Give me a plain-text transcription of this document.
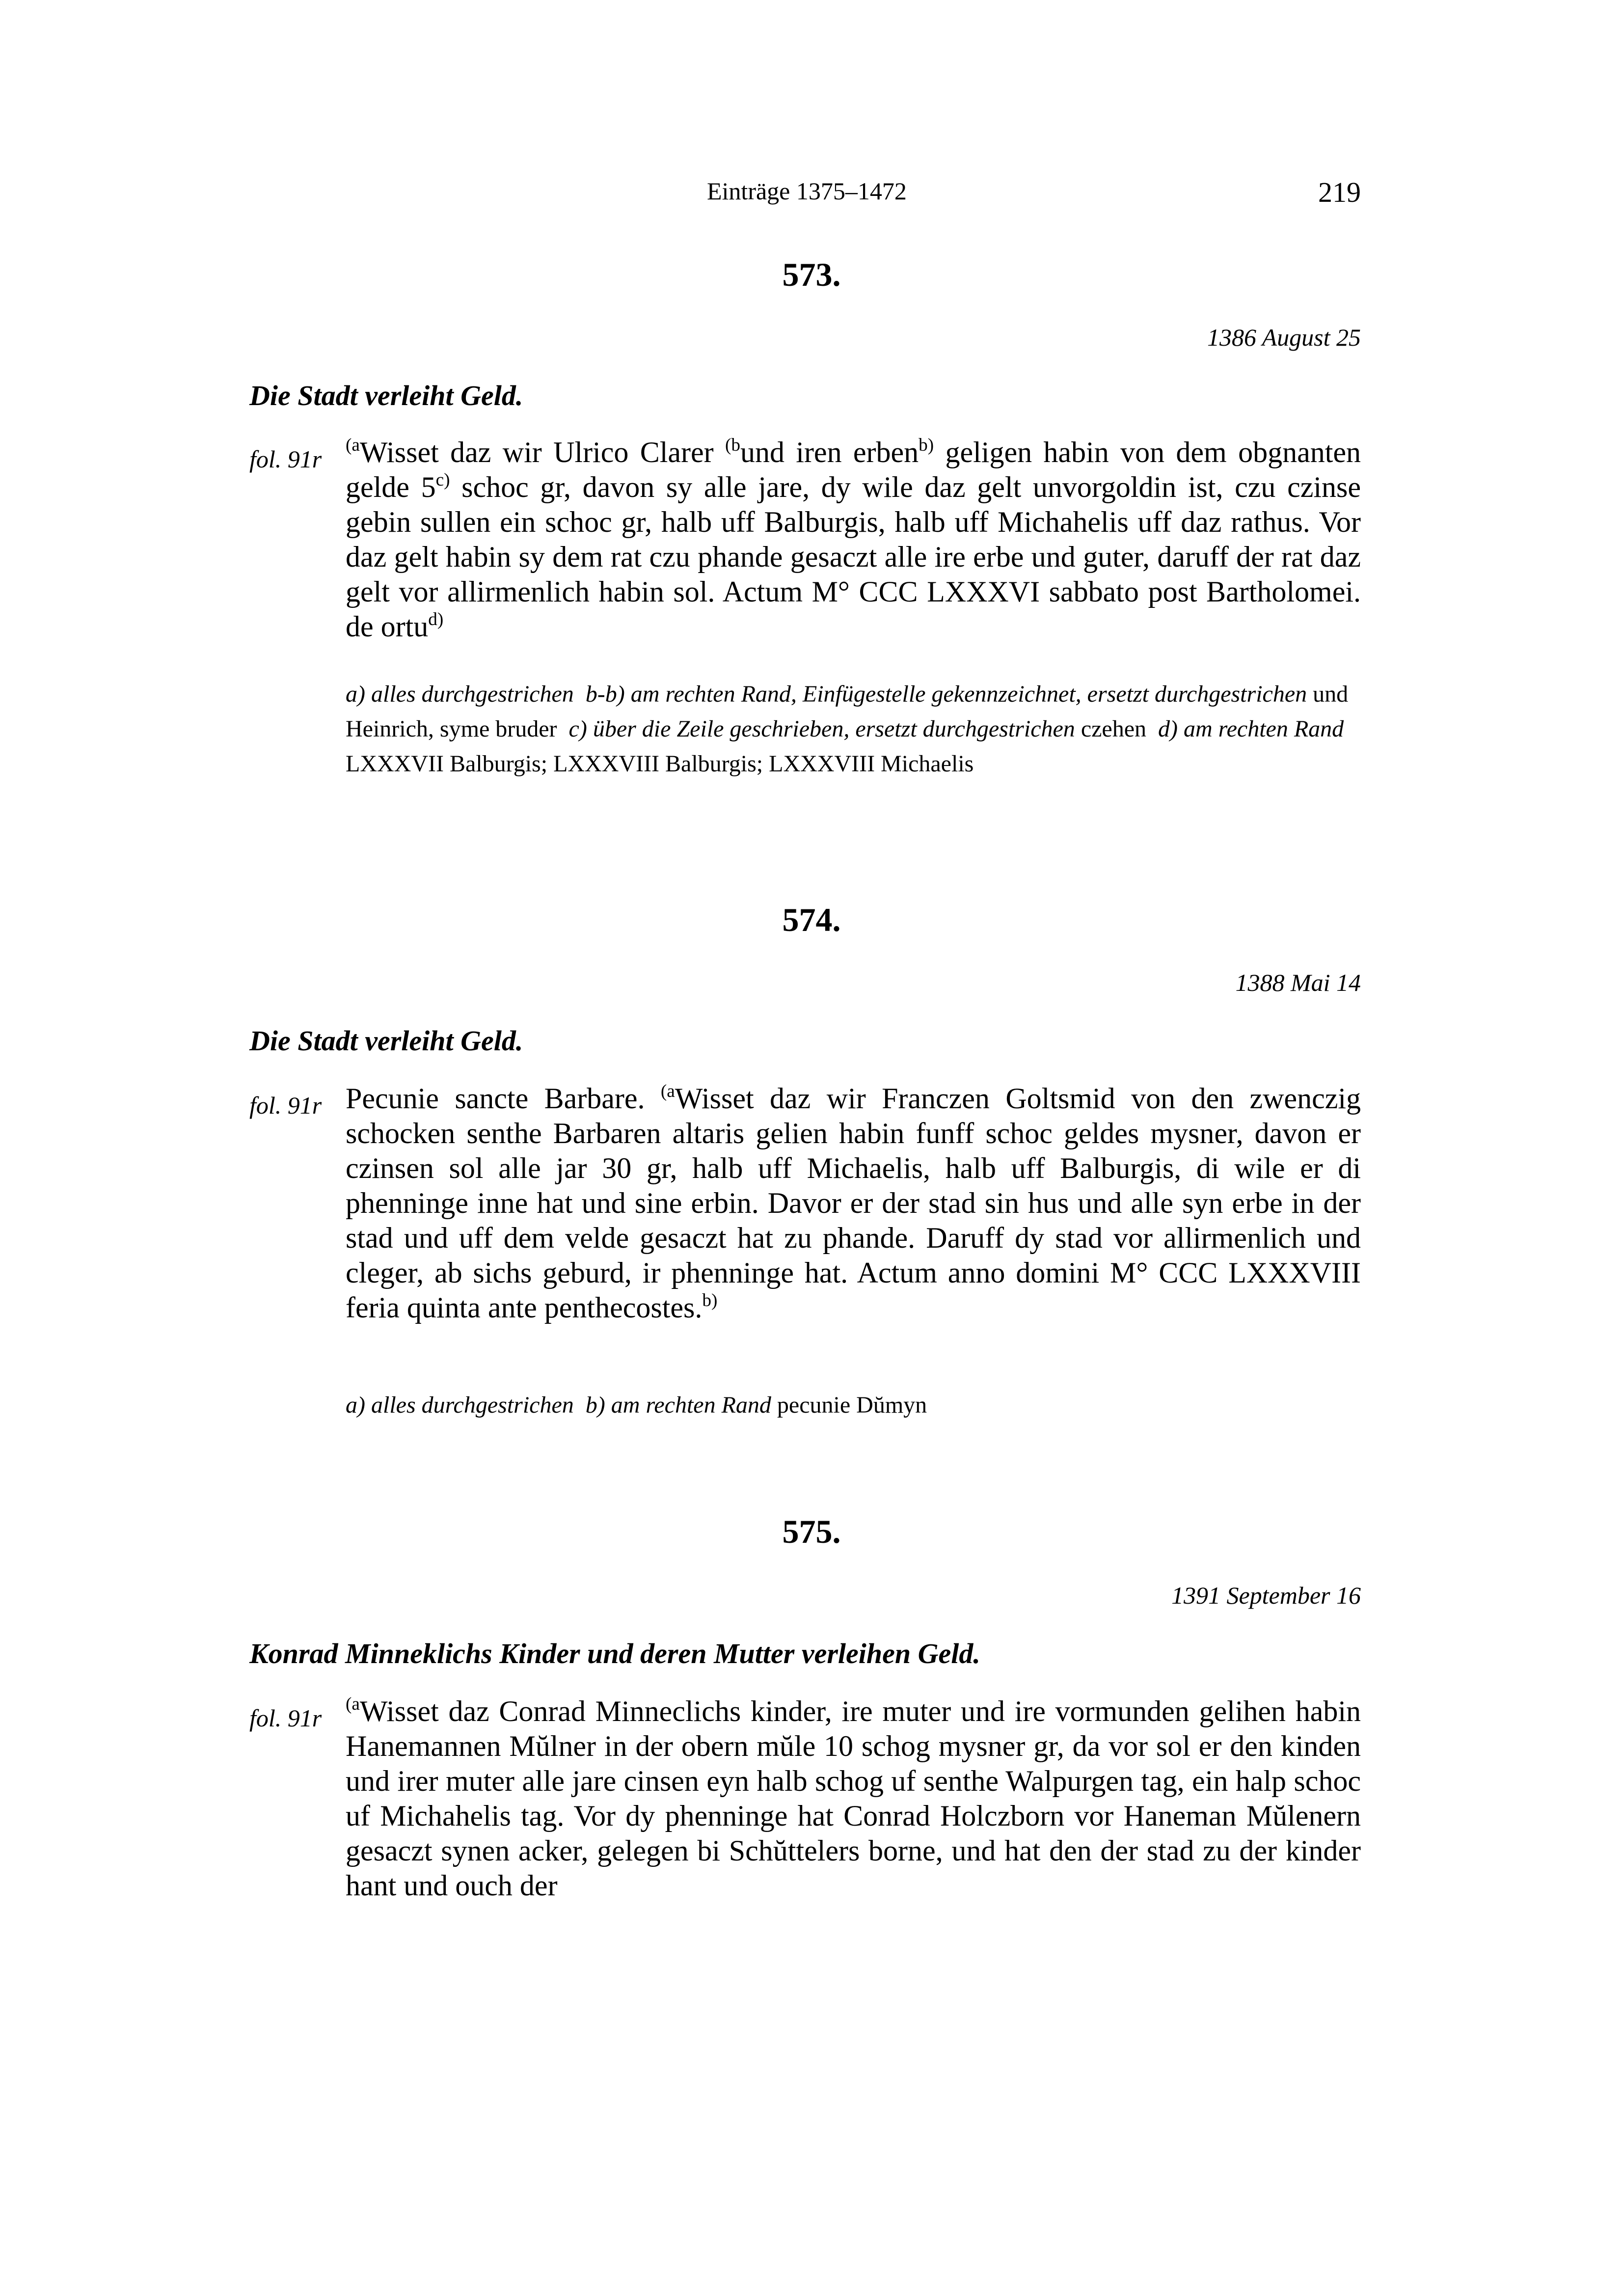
Einträge 1375–1472	219
573.
1386 August 25
Die Stadt verleiht Geld.
fol. 91r
$^{(a}$Wisset daz wir Ulrico Clarer $^{(b}$und iren erben$^{b)}$ geligen habin von dem obgnanten gelde 5$^{c)}$ schoc gr, davon sy alle jare, dy wile daz gelt unvorgoldin ist, czu czinse gebin sullen ein schoc gr, halb uff Balburgis, halb uff Michahelis uff daz rathus. Vor daz gelt habin sy dem rat czu phande gesaczt alle ire erbe und guter, daruff der rat daz gelt vor allirmenlich habin sol. Actum M° CCC LXXXVI sabbato post Bartholomei. de ortu$^{d)}$
a) alles durchgestrichen  b-b) am rechten Rand, Einfügestelle gekennzeichnet, ersetzt durchgestrichen und Heinrich, syme bruder  c) über die Zeile geschrieben, ersetzt durchgestrichen czehen  d) am rechten Rand LXXXVII Balburgis; LXXXVIII Balburgis; LXXXVIII Michaelis
574.
1388 Mai 14
Die Stadt verleiht Geld.
fol. 91r Pecunie sancte Barbare. $^{(a}$Wisset daz wir Franczen Goltsmid von den zwenczig schocken senthe Barbaren altaris gelien habin funff schoc geldes mysner, davon er czinsen sol alle jar 30 gr, halb uff Michaelis, halb uff Balburgis, di wile er di phenninge inne hat und sine erbin. Davor er der stad sin hus und alle syn erbe in der stad und uff dem velde gesaczt hat zu phande. Daruff dy stad vor allirmenlich und cleger, ab sichs geburd, ir phenninge hat. Actum anno domini M° CCC LXXXVIII feria quinta ante penthecostes.$^{b)}$
a) alles durchgestrichen  b) am rechten Rand pecunie Dŭmyn
575.
1391 September 16
Konrad Minneklichs Kinder und deren Mutter verleihen Geld.
fol. 91r
$^{(a}$Wisset daz Conrad Minneclichs kinder, ire muter und ire vormunden gelihen habin Hanemannen Mŭlner in der obern mŭle 10 schog mysner gr, da vor sol er den kinden und irer muter alle jare cinsen eyn halb schog uf senthe Walpurgen tag, ein halp schoc uf Michahelis tag. Vor dy phenninge hat Conrad Holczborn vor Haneman Mŭlenern gesaczt synen acker, gelegen bi Schŭttelers borne, und hat den der stad zu der kinder hant und ouch der
